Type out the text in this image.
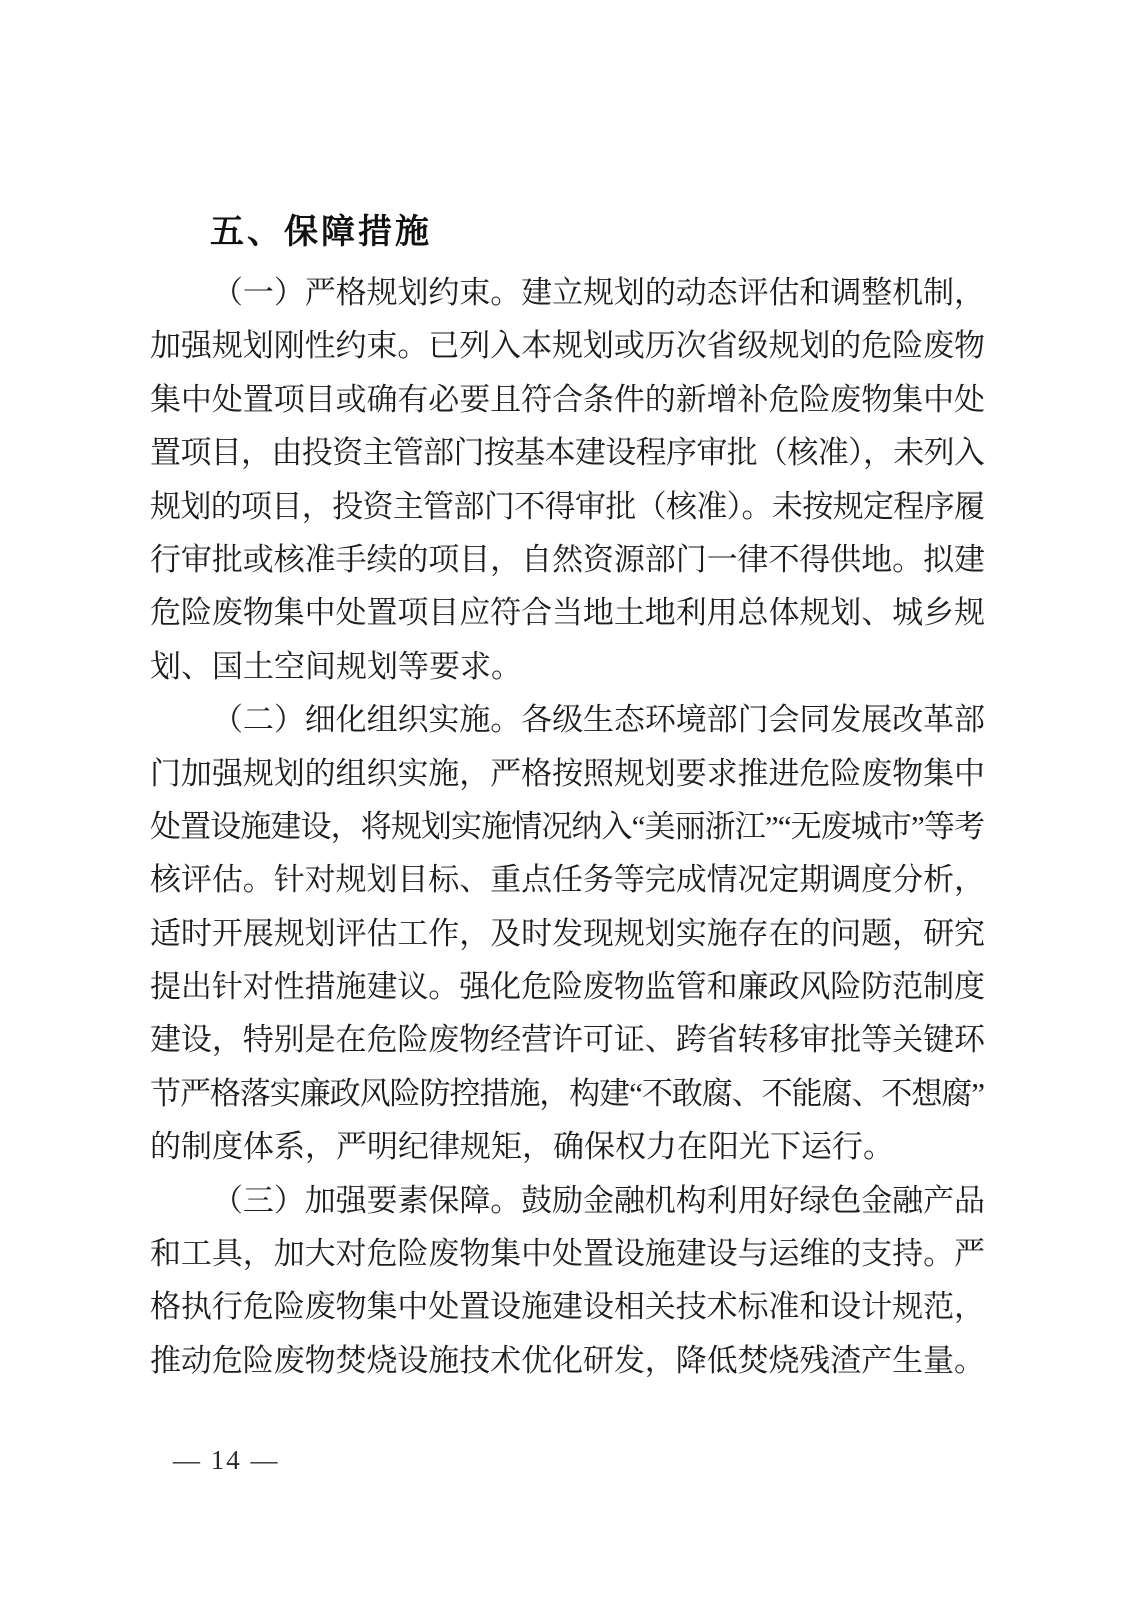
五、保障措施
（一）严格规划约束。建立规划的动态评估和调整机制，
加强规划刚性约束。已列入本规划或历次省级规划的危险废物
集中处置项目或确有必要且符合条件的新增补危险废物集中处
置项目，由投资主管部门按基本建设程序审批（核准），未列入
规划的项目，投资主管部门不得审批（核准）。未按规定程序履
行审批或核准手续的项目，自然资源部门一律不得供地。拟建
危险废物集中处置项目应符合当地土地利用总体规划、城乡规
划、国土空间规划等要求。
（二）细化组织实施。各级生态环境部门会同发展改革部
门加强规划的组织实施，严格按照规划要求推进危险废物集中
处置设施建设，将规划实施情况纳入“美丽浙江”“无废城市”等考
核评估。针对规划目标、重点任务等完成情况定期调度分析，
适时开展规划评估工作，及时发现规划实施存在的问题，研究
提出针对性措施建议。强化危险废物监管和廉政风险防范制度
建设，特别是在危险废物经营许可证、跨省转移审批等关键环
节严格落实廉政风险防控措施，构建“不敢腐、不能腐、不想腐”
的制度体系，严明纪律规矩，确保权力在阳光下运行。
（三）加强要素保障。鼓励金融机构利用好绿色金融产品
和工具，加大对危险废物集中处置设施建设与运维的支持。严
格执行危险废物集中处置设施建设相关技术标准和设计规范，
推动危险废物焚烧设施技术优化研发，降低焚烧残渣产生量。
— 14 —
